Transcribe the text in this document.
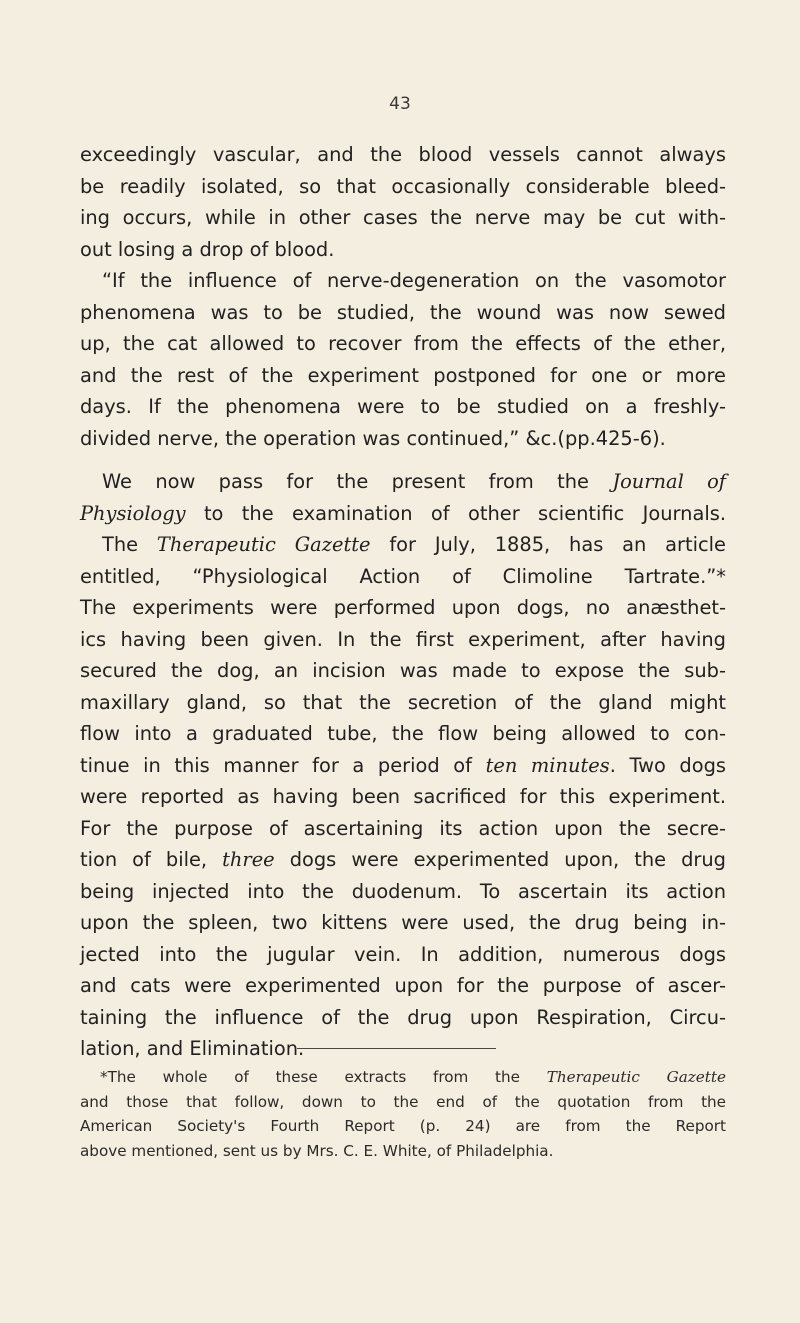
43
exceedingly vascular, and the blood vessels cannot always
be readily isolated, so that occasionally considerable bleed-
ing occurs, while in other cases the nerve may be cut with-
out losing a drop of blood.
“If the influence of nerve-degeneration on the vasomotor
phenomena was to be studied, the wound was now sewed
up, the cat allowed to recover from the effects of the ether,
and the rest of the experiment postponed for one or more
days. If the phenomena were to be studied on a freshly-
divided nerve, the operation was continued,” &c.(pp.425-6).
We now pass for the present from the Journal of
Physiology to the examination of other scientific Journals.
The Therapeutic Gazette for July, 1885, has an article
entitled, “Physiological Action of Climoline Tartrate.”*
The experiments were performed upon dogs, no anæsthet-
ics having been given. In the first experiment, after having
secured the dog, an incision was made to expose the sub-
maxillary gland, so that the secretion of the gland might
flow into a graduated tube, the flow being allowed to con-
tinue in this manner for a period of ten minutes. Two dogs
were reported as having been sacrificed for this experiment.
For the purpose of ascertaining its action upon the secre-
tion of bile, three dogs were experimented upon, the drug
being injected into the duodenum. To ascertain its action
upon the spleen, two kittens were used, the drug being in-
jected into the jugular vein. In addition, numerous dogs
and cats were experimented upon for the purpose of ascer-
taining the influence of the drug upon Respiration, Circu-
lation, and Elimination.
*The whole of these extracts from the Therapeutic Gazette
and those that follow, down to the end of the quotation from the
American Society's Fourth Report (p. 24) are from the Report
above mentioned, sent us by Mrs. C. E. White, of Philadelphia.
